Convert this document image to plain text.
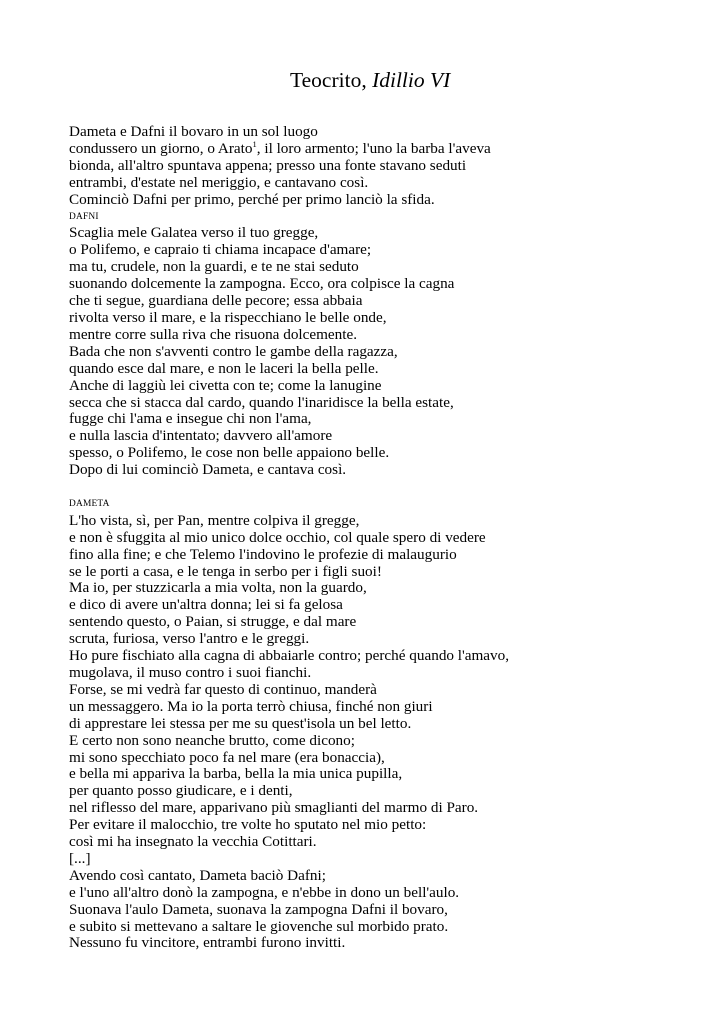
Teocrito, Idillio VI
Dameta e Dafni il bovaro in un sol luogo
condussero un giorno, o Arato$^1$, il loro armento; l'uno la barba l'aveva
bionda, all'altro spuntava appena; presso una fonte stavano seduti
entrambi, d'estate nel meriggio, e cantavano così.
Cominciò Dafni per primo, perché per primo lanciò la sfida.
DAFNI
Scaglia mele Galatea verso il tuo gregge,
o Polifemo, e capraio ti chiama incapace d'amare;
ma tu, crudele, non la guardi, e te ne stai seduto
suonando dolcemente la zampogna. Ecco, ora colpisce la cagna
che ti segue, guardiana delle pecore; essa abbaia
rivolta verso il mare, e la rispecchiano le belle onde,
mentre corre sulla riva che risuona dolcemente.
Bada che non s'avventi contro le gambe della ragazza,
quando esce dal mare, e non le laceri la bella pelle.
Anche di laggiù lei civetta con te; come la lanugine
secca che si stacca dal cardo, quando l'inaridisce la bella estate,
fugge chi l'ama e insegue chi non l'ama,
e nulla lascia d'intentato; davvero all'amore
spesso, o Polifemo, le cose non belle appaiono belle.
Dopo di lui cominciò Dameta, e cantava così.
DAMETA
L'ho vista, sì, per Pan, mentre colpiva il gregge,
e non è sfuggita al mio unico dolce occhio, col quale spero di vedere
fino alla fine; e che Telemo l'indovino le profezie di malaugurio
se le porti a casa, e le tenga in serbo per i figli suoi!
Ma io, per stuzzicarla a mia volta, non la guardo,
e dico di avere un'altra donna; lei si fa gelosa
sentendo questo, o Paian, si strugge, e dal mare
scruta, furiosa, verso l'antro e le greggi.
Ho pure fischiato alla cagna di abbaiarle contro; perché quando l'amavo,
mugolava, il muso contro i suoi fianchi.
Forse, se mi vedrà far questo di continuo, manderà
un messaggero. Ma io la porta terrò chiusa, finché non giuri
di apprestare lei stessa per me su quest'isola un bel letto.
E certo non sono neanche brutto, come dicono;
mi sono specchiato poco fa nel mare (era bonaccia),
e bella mi appariva la barba, bella la mia unica pupilla,
per quanto posso giudicare, e i denti,
nel riflesso del mare, apparivano più smaglianti del marmo di Paro.
Per evitare il malocchio, tre volte ho sputato nel mio petto:
così mi ha insegnato la vecchia Cotittari.
[...]
Avendo così cantato, Dameta baciò Dafni;
e l'uno all'altro donò la zampogna, e n'ebbe in dono un bell'aulo.
Suonava l'aulo Dameta, suonava la zampogna Dafni il bovaro,
e subito si mettevano a saltare le giovenche sul morbido prato.
Nessuno fu vincitore, entrambi furono invitti.
